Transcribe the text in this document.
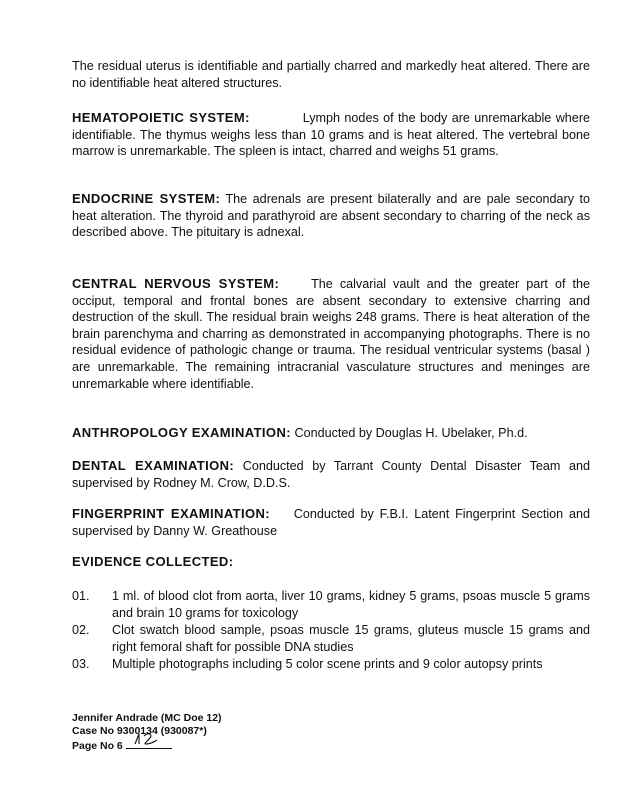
The residual uterus is identifiable and partially charred and markedly heat altered. There are no identifiable heat altered structures.
HEMATOPOIETIC SYSTEM:	Lymph nodes of the body are unremarkable where identifiable. The thymus weighs less than 10 grams and is heat altered. The vertebral bone marrow is unremarkable. The spleen is intact, charred and weighs 51 grams.
ENDOCRINE SYSTEM: The adrenals are present bilaterally and are pale secondary to heat alteration. The thyroid and parathyroid are absent secondary to charring of the neck as described above. The pituitary is adnexal.
CENTRAL NERVOUS SYSTEM:	The calvarial vault and the greater part of the occiput, temporal and frontal bones are absent secondary to extensive charring and destruction of the skull. The residual brain weighs 248 grams. There is heat alteration of the brain parenchyma and charring as demonstrated in accompanying photographs. There is no residual evidence of pathologic change or trauma. The residual ventricular systems (basal ) are unremarkable. The remaining intracranial vasculature structures and meninges are unremarkable where identifiable.
ANTHROPOLOGY EXAMINATION: Conducted by Douglas H. Ubelaker, Ph.d.
DENTAL EXAMINATION: Conducted by Tarrant County Dental Disaster Team and supervised by Rodney M. Crow, D.D.S.
FINGERPRINT EXAMINATION: Conducted by F.B.I. Latent Fingerprint Section and supervised by Danny W. Greathouse
EVIDENCE COLLECTED:
01. 1 ml. of blood clot from aorta, liver 10 grams, kidney 5 grams, psoas muscle 5 grams and brain 10 grams for toxicology
02. Clot swatch blood sample, psoas muscle 15 grams, gluteus muscle 15 grams and right femoral shaft for possible DNA studies
03. Multiple photographs including 5 color scene prints and 9 color autopsy prints
Jennifer Andrade (MC Doe 12)
Case No 9300134 (930087*)
Page No 6
